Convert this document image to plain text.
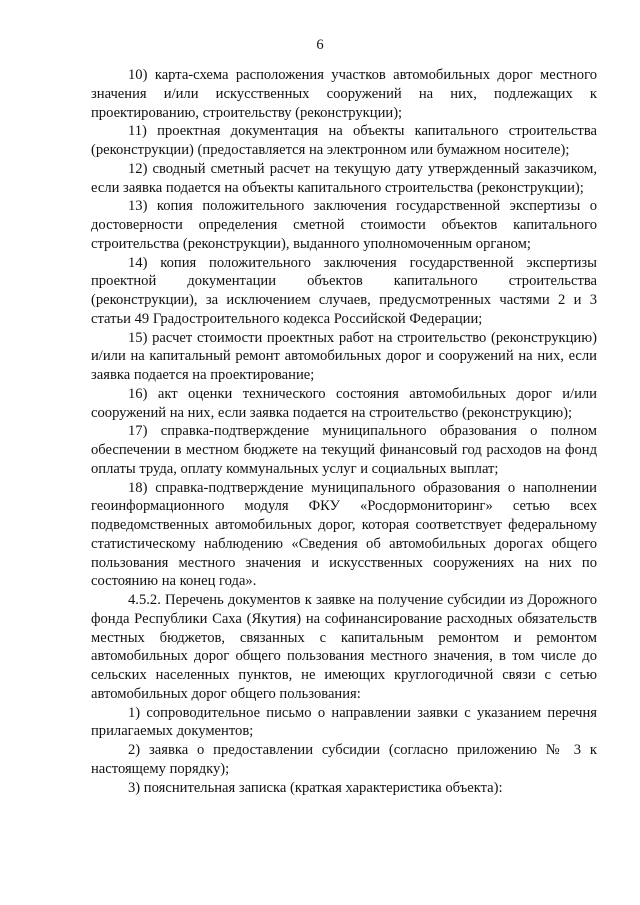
6

10) карта-схема расположения участков автомобильных дорог местного значения и/или искусственных сооружений на них, подлежащих к проектированию, строительству (реконструкции);

11) проектная документация на объекты капитального строительства (реконструкции) (предоставляется на электронном или бумажном носителе);

12) сводный сметный расчет на текущую дату утвержденный заказчиком, если заявка подается на объекты капитального строительства (реконструкции);

13) копия положительного заключения государственной экспертизы о достоверности определения сметной стоимости объектов капитального строительства (реконструкции), выданного уполномоченным органом;

14) копия положительного заключения государственной экспертизы проектной документации объектов капитального строительства (реконструкции), за исключением случаев, предусмотренных частями 2 и 3 статьи 49 Градостроительного кодекса Российской Федерации;

15) расчет стоимости проектных работ на строительство (реконструкцию) и/или на капитальный ремонт автомобильных дорог и сооружений на них, если заявка подается на проектирование;

16) акт оценки технического состояния автомобильных дорог и/или сооружений на них, если заявка подается на строительство (реконструкцию);

17) справка-подтверждение муниципального образования о полном обеспечении в местном бюджете на текущий финансовый год расходов на фонд оплаты труда, оплату коммунальных услуг и социальных выплат;

18) справка-подтверждение муниципального образования о наполнении геоинформационного модуля ФКУ «Росдормониторинг» сетью всех подведомственных автомобильных дорог, которая соответствует федеральному статистическому наблюдению «Сведения об автомобильных дорогах общего пользования местного значения и искусственных сооружениях на них по состоянию на конец года».

4.5.2. Перечень документов к заявке на получение субсидии из Дорожного фонда Республики Саха (Якутия) на софинансирование расходных обязательств местных бюджетов, связанных с капитальным ремонтом и ремонтом автомобильных дорог общего пользования местного значения, в том числе до сельских населенных пунктов, не имеющих круглогодичной связи с сетью автомобильных дорог общего пользования:

1) сопроводительное письмо о направлении заявки с указанием перечня прилагаемых документов;

2) заявка о предоставлении субсидии (согласно приложению № 3 к настоящему порядку);

3) пояснительная записка (краткая характеристика объекта):
